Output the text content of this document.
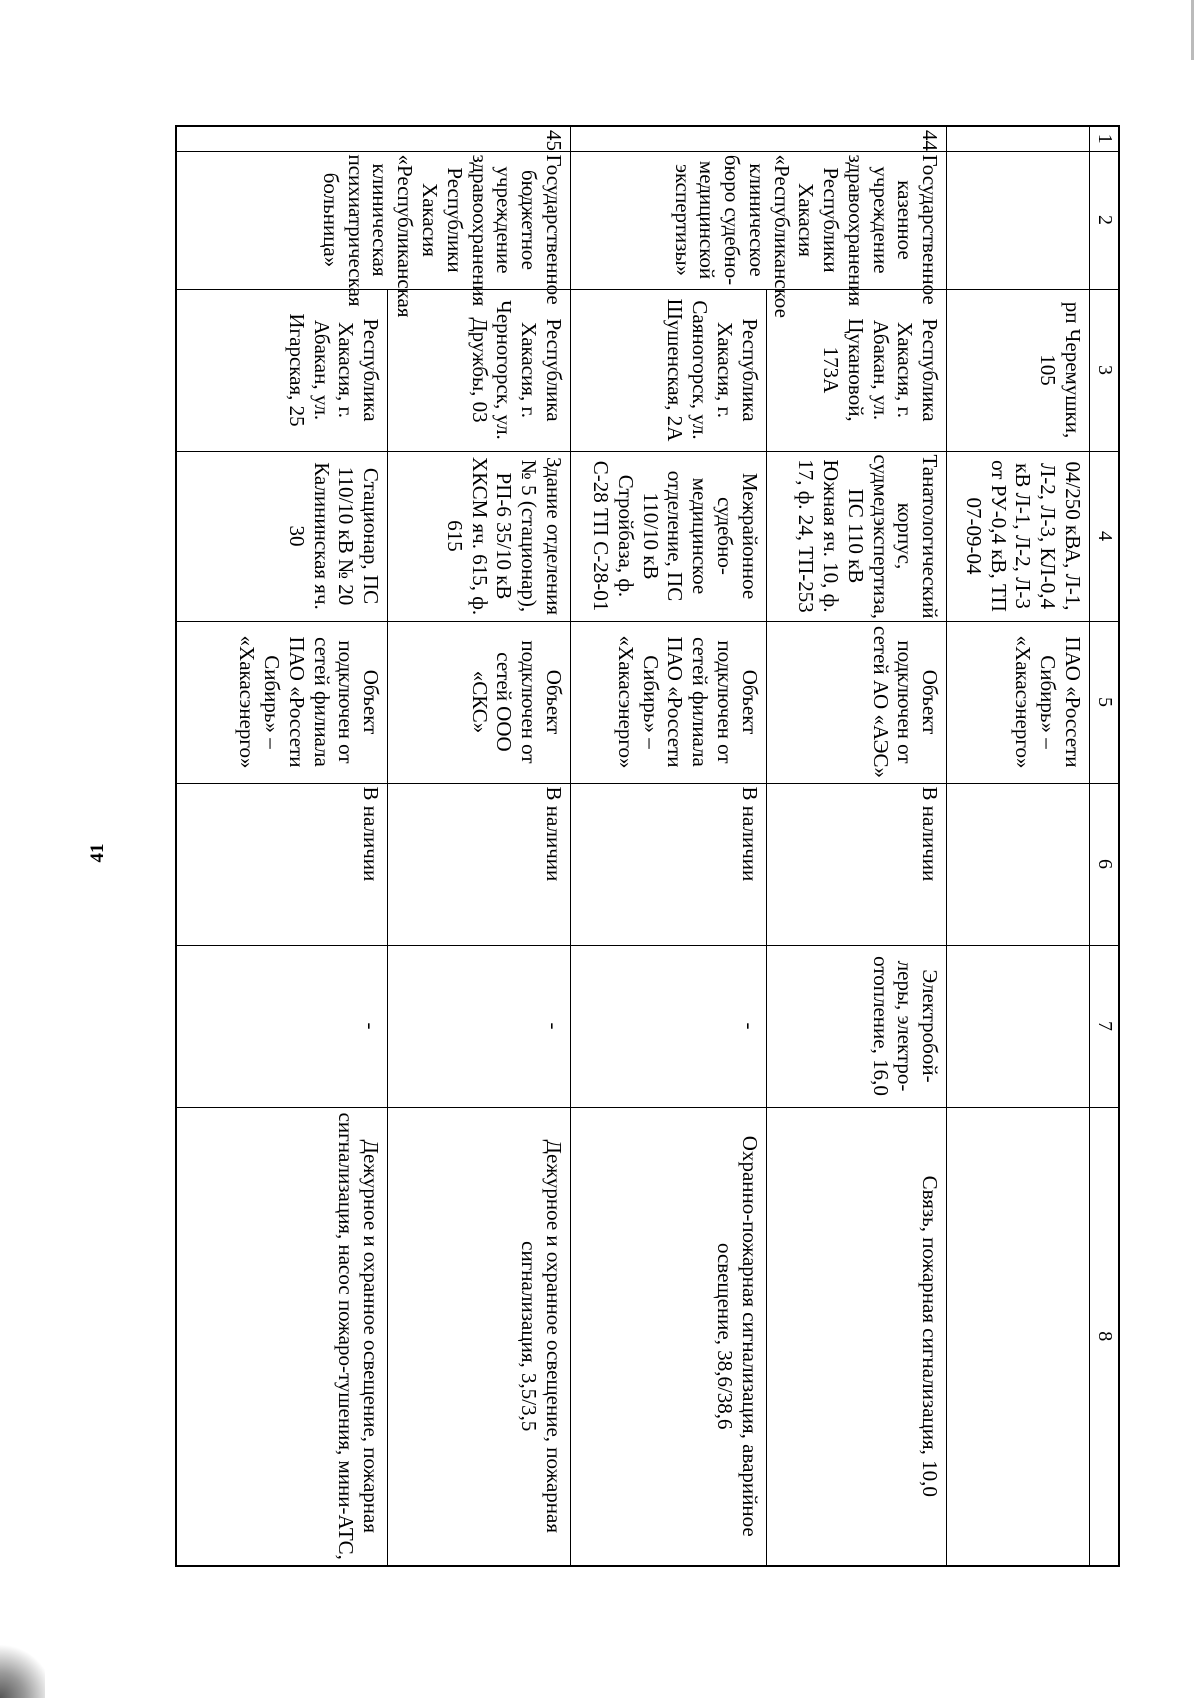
41
1	2	3	4	5	6	7	8
		рп Черемушки, 105	04/250 кВА, Л-1, Л-2, Л-3, КЛ-0,4 кВ Л-1, Л-2, Л-3 от РУ-0,4 кВ, ТП 07-09-04	ПАО «Россети Сибирь» – «Хакасэнерго»			
44	Государственное казенное учреждение здравоохранения Республики Хакасия «Республиканское клиническое бюро судебно-медицинской экспертизы»	Республика Хакасия, г. Абакан, ул. Цукановой, 173А	Танатологический корпус, судмедэкспертиза, ПС 110 кВ Южная яч. 10, ф. 17, ф. 24, ТП-253	Объект подключен от сетей АО «АЭС»	В наличии	Электробой-леры, электро-отопление, 16,0	Связь, пожарная сигнализация, 10,0
		Республика Хакасия, г. Саяногорск, ул. Шушенская, 2А	Межрайонное судебно-медицинское отделение, ПС 110/10 кВ Стройбаза, ф. С-28 ТП С-28-01	Объект подключен от сетей филиала ПАО «Россети Сибирь» – «Хакасэнерго»	В наличии	-	Охранно-пожарная сигнализация, аварийное освещение, 38,6/38,6
45	Государственное бюджетное учреждение здравоохранения Республики Хакасия «Республиканская клиническая психиатрическая больница»	Республика Хакасия, г. Черногорск, ул. Дружбы, 03	Здание отделения № 5 (стационар), РП-6 35/10 кВ ХКСМ яч. 615, ф. 615	Объект подключен от сетей ООО «СКС»	В наличии	-	Дежурное и охранное освещение, пожарная сигнализация, 3,5/3,5
		Республика Хакасия, г. Абакан, ул. Игарская, 25	Стационар, ПС 110/10 кВ № 20 Калининская яч. 30	Объект подключен от сетей филиала ПАО «Россети Сибирь» – «Хакасэнерго»	В наличии	-	Дежурное и охранное освещение, пожарная сигнализация, насос пожаро-тушения, мини-АТС,
